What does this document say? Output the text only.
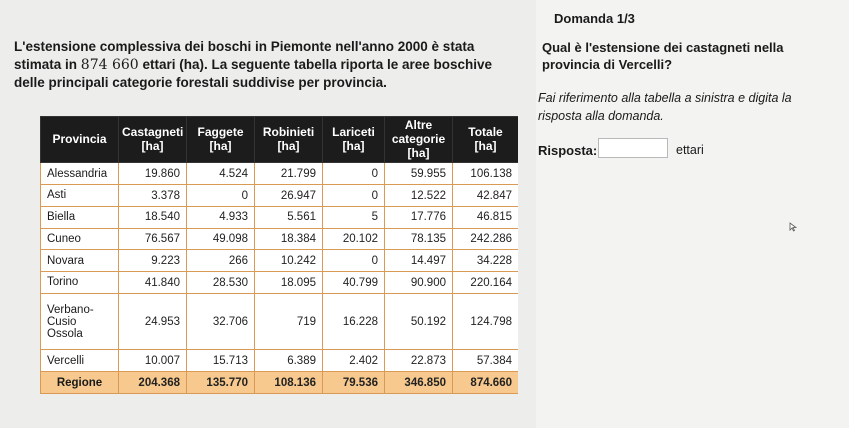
L'estensione complessiva dei boschi in Piemonte nell'anno 2000 è stata
stimata in 874 660 ettari (ha). La seguente tabella riporta le aree boschive
delle principali categorie forestali suddivise per provincia.
Provincia	Castagneti [ha]	Faggete [ha]	Robinieti [ha]	Lariceti [ha]	Altre categorie [ha]	Totale [ha]
Alessandria	19.860	4.524	21.799	0	59.955	106.138
Asti	3.378	0	26.947	0	12.522	42.847
Biella	18.540	4.933	5.561	5	17.776	46.815
Cuneo	76.567	49.098	18.384	20.102	78.135	242.286
Novara	9.223	266	10.242	0	14.497	34.228
Torino	41.840	28.530	18.095	40.799	90.900	220.164
Verbano-Cusio Ossola	24.953	32.706	719	16.228	50.192	124.798
Vercelli	10.007	15.713	6.389	2.402	22.873	57.384
Regione	204.368	135.770	108.136	79.536	346.850	874.660
Domanda 1/3
Qual è l'estensione dei castagneti nella provincia di Vercelli?
Fai riferimento alla tabella a sinistra e digita la risposta alla domanda.
Risposta:	ettari
